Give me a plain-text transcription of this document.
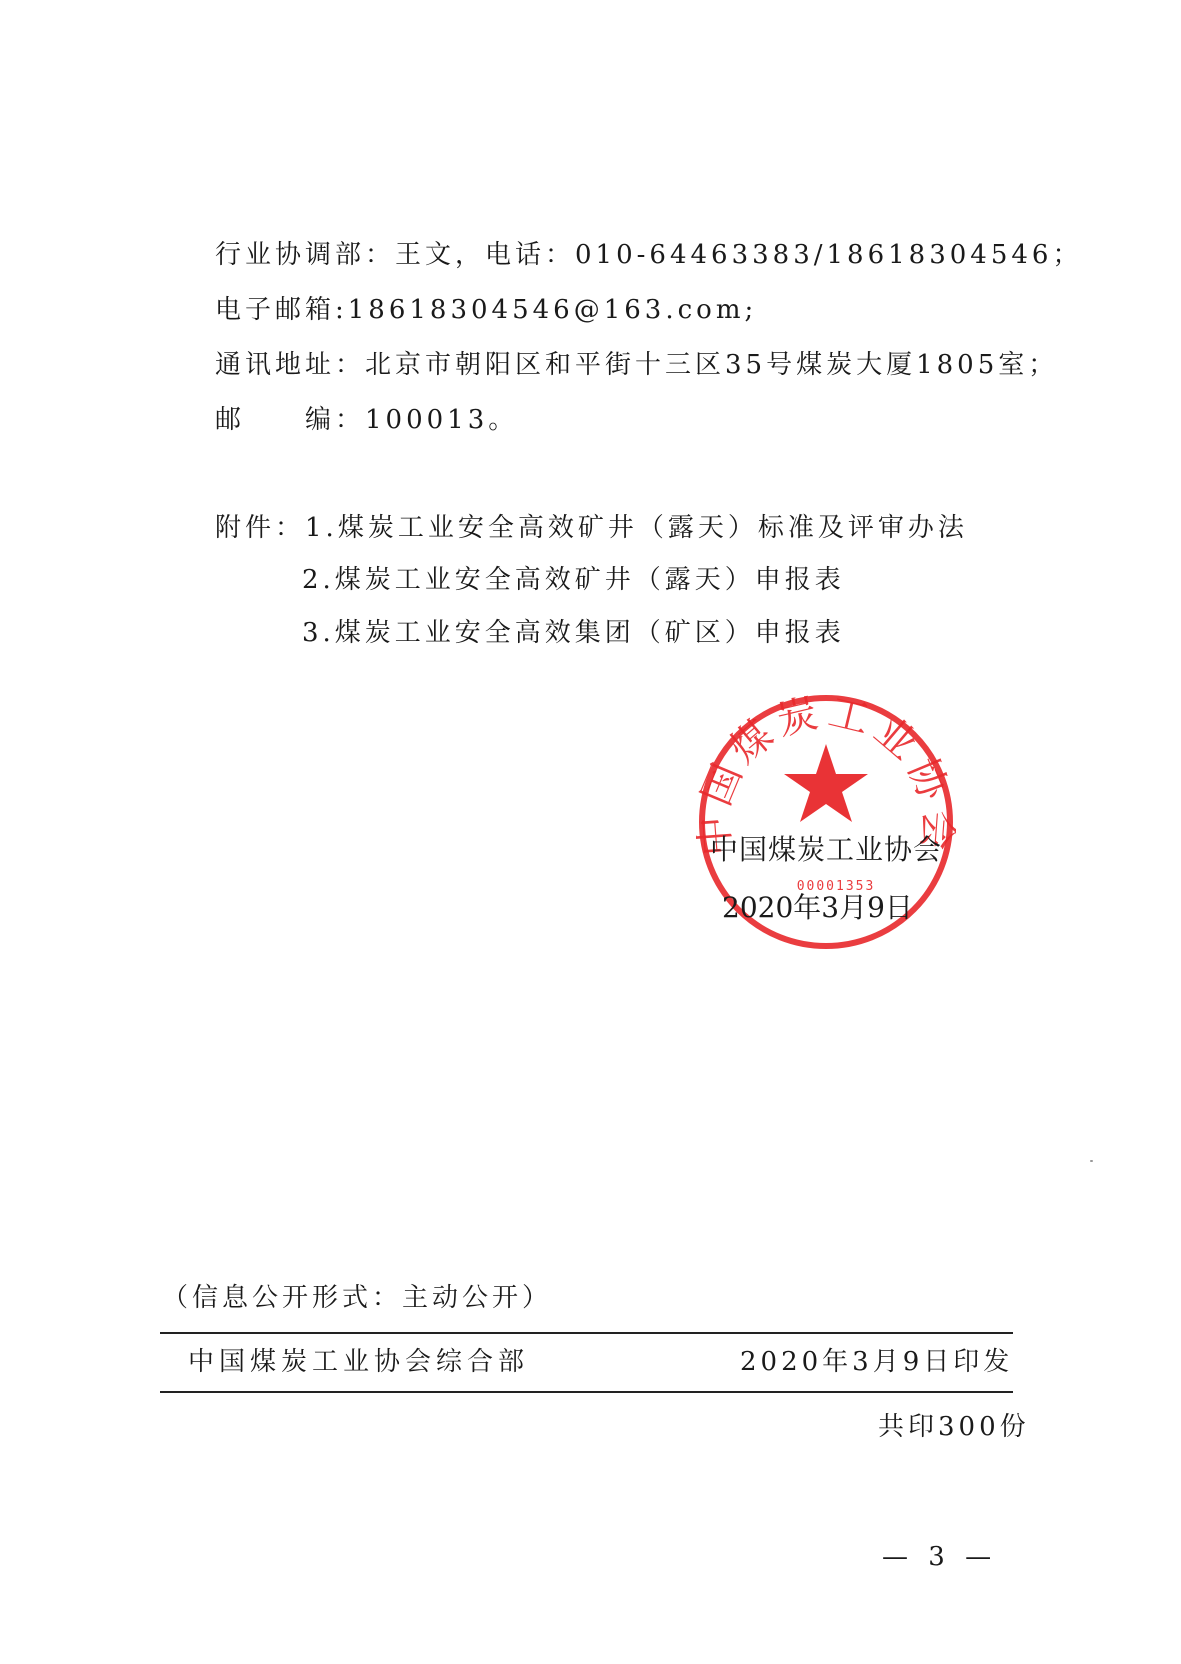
行业协调部：王文，电话：010-64463383/18618304546；
电子邮箱:18618304546@163.com;
通讯地址：北京市朝阳区和平街十三区35号煤炭大厦1805室；
邮 编：100013。
附件：1.煤炭工业安全高效矿井（露天）标准及评审办法
2.煤炭工业安全高效矿井（露天）申报表
3.煤炭工业安全高效集团（矿区）申报表
国煤炭工业协
00001353
中国煤炭工业协会
2020年3月9日
（信息公开形式：主动公开）
中国煤炭工业协会综合部	2020年3月9日印发
共印300份
— 3 —
